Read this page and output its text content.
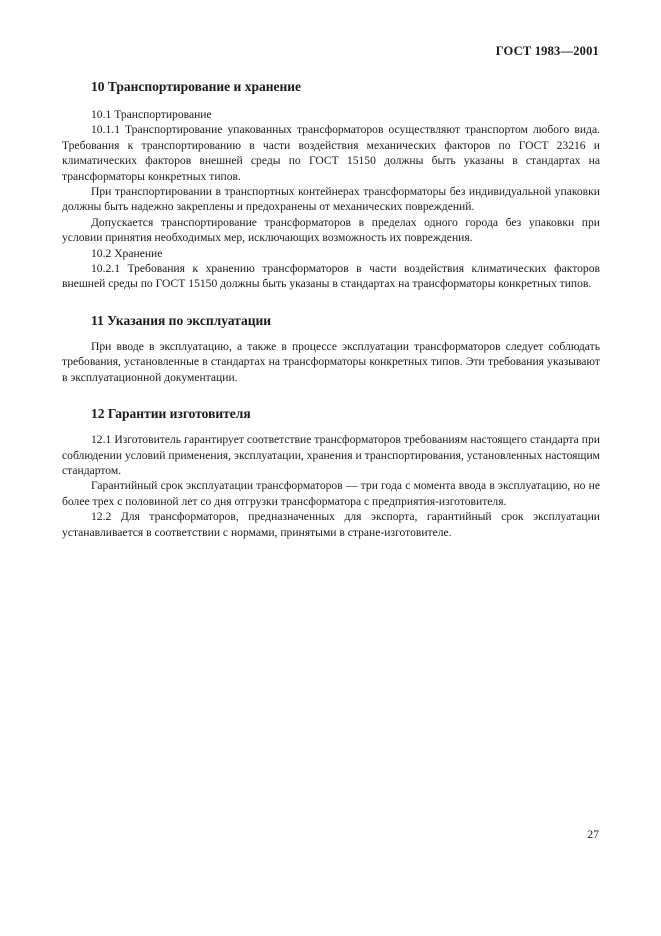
ГОСТ 1983—2001
10 Транспортирование и хранение

10.1 Транспортирование

10.1.1 Транспортирование упакованных трансформаторов осуществляют транспортом любого вида. Требования к транспортированию в части воздействия механических факторов по ГОСТ 23216 и климатических факторов внешней среды по ГОСТ 15150 должны быть указаны в стандартах на трансформаторы конкретных типов.

При транспортировании в транспортных контейнерах трансформаторы без индивидуальной упаковки должны быть надежно закреплены и предохранены от механических повреждений.

Допускается транспортирование трансформаторов в пределах одного города без упаковки при условии принятия необходимых мер, исключающих возможность их повреждения.

10.2 Хранение

10.2.1 Требования к хранению трансформаторов в части воздействия климатических факторов внешней среды по ГОСТ 15150 должны быть указаны в стандартах на трансформаторы конкретных типов.

11 Указания по эксплуатации

При вводе в эксплуатацию, а также в процессе эксплуатации трансформаторов следует соблюдать требования, установленные в стандартах на трансформаторы конкретных типов. Эти требования указывают в эксплуатационной документации.

12 Гарантии изготовителя

12.1 Изготовитель гарантирует соответствие трансформаторов требованиям настоящего стандарта при соблюдении условий применения, эксплуатации, хранения и транспортирования, установленных настоящим стандартом.

Гарантийный срок эксплуатации трансформаторов — три года с момента ввода в эксплуатацию, но не более трех с половиной лет со дня отгрузки трансформатора с предприятия-изготовителя.

12.2 Для трансформаторов, предназначенных для экспорта, гарантийный срок эксплуатации устанавливается в соответствии с нормами, принятыми в стране-изготовителе.

27
